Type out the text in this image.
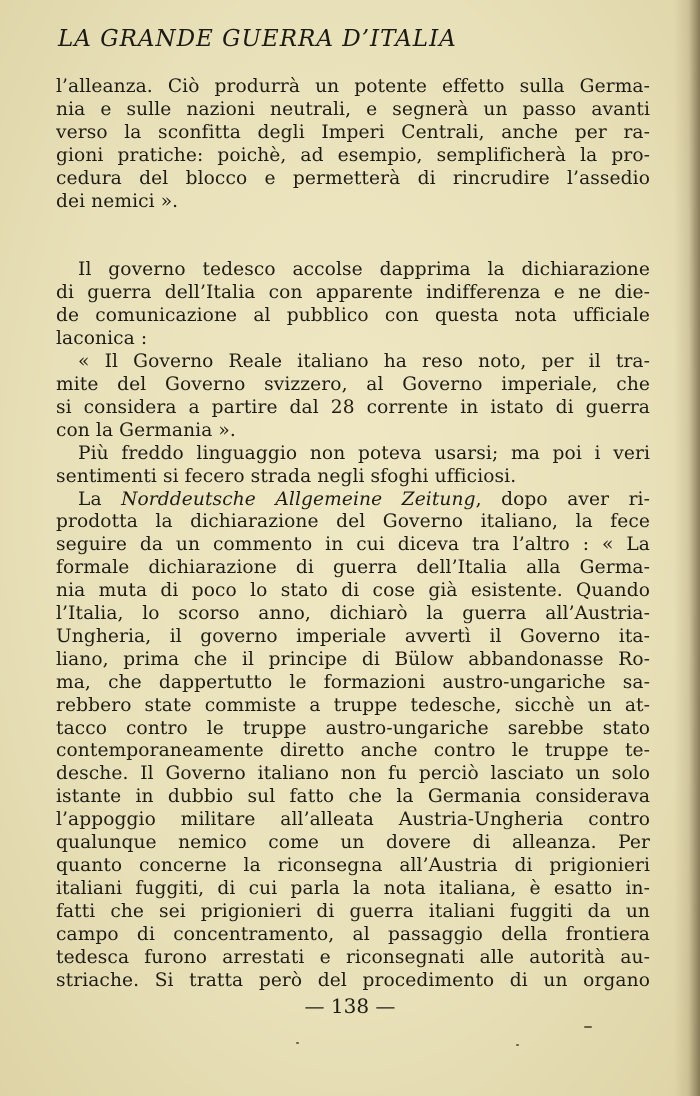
LA GRANDE GUERRA D’ITALIA
l’alleanza. Ciò produrrà un potente effetto sulla Germa-
nia e sulle nazioni neutrali, e segnerà un passo avanti
verso la sconfitta degli Imperi Centrali, anche per ra-
gioni pratiche: poichè, ad esempio, semplificherà la pro-
cedura del blocco e permetterà di rincrudire l’assedio
dei nemici ».
Il governo tedesco accolse dapprima la dichiarazione
di guerra dell’Italia con apparente indifferenza e ne die-
de comunicazione al pubblico con questa nota ufficiale
laconica :
« Il Governo Reale italiano ha reso noto, per il tra-
mite del Governo svizzero, al Governo imperiale, che
si considera a partire dal 28 corrente in istato di guerra
con la Germania ».
Più freddo linguaggio non poteva usarsi; ma poi i veri
sentimenti si fecero strada negli sfoghi ufficiosi.
La Norddeutsche Allgemeine Zeitung, dopo aver ri-
prodotta la dichiarazione del Governo italiano, la fece
seguire da un commento in cui diceva tra l’altro : « La
formale dichiarazione di guerra dell’Italia alla Germa-
nia muta di poco lo stato di cose già esistente. Quando
l’Italia, lo scorso anno, dichiarò la guerra all’Austria-
Ungheria, il governo imperiale avvertì il Governo ita-
liano, prima che il principe di Bülow abbandonasse Ro-
ma, che dappertutto le formazioni austro-ungariche sa-
rebbero state commiste a truppe tedesche, sicchè un at-
tacco contro le truppe austro-ungariche sarebbe stato
contemporaneamente diretto anche contro le truppe te-
desche. Il Governo italiano non fu perciò lasciato un solo
istante in dubbio sul fatto che la Germania considerava
l’appoggio militare all’alleata Austria-Ungheria contro
qualunque nemico come un dovere di alleanza. Per
quanto concerne la riconsegna all’Austria di prigionieri
italiani fuggiti, di cui parla la nota italiana, è esatto in-
fatti che sei prigionieri di guerra italiani fuggiti da un
campo di concentramento, al passaggio della frontiera
tedesca furono arrestati e riconsegnati alle autorità au-
striache. Si tratta però del procedimento di un organo
— 138 —
